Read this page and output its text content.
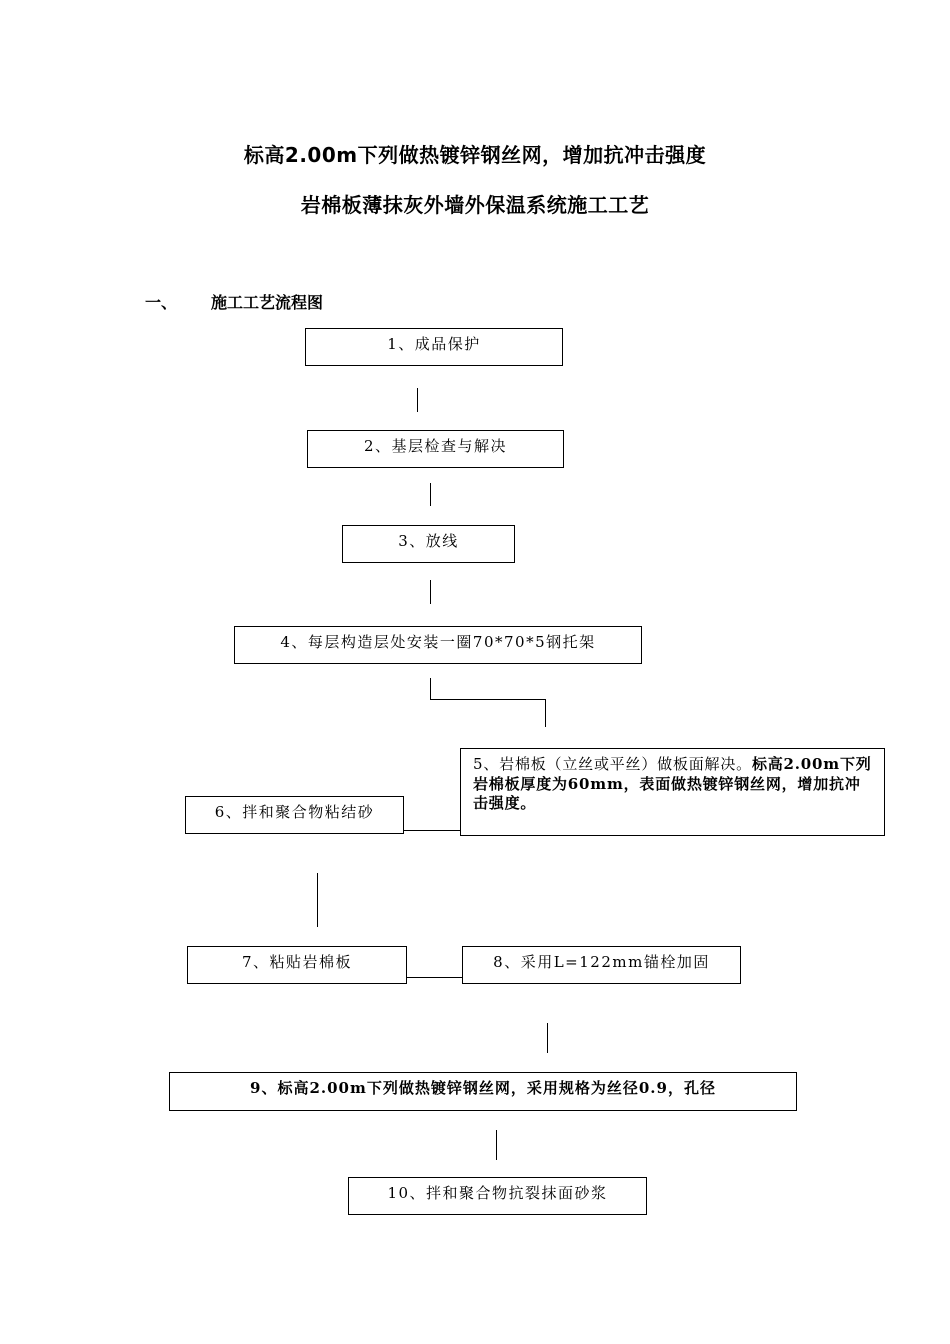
标高2.00m下列做热镀锌钢丝网，增加抗冲击强度
岩棉板薄抹灰外墙外保温系统施工工艺
一、 施工工艺流程图
1、成品保护
2、基层检查与解决
3、放线
4、每层构造层处安装一圈70*70*5钢托架
5、岩棉板（立丝或平丝）做板面解决。标高2.00m下列岩棉板厚度为60mm，表面做热镀锌钢丝网，增加抗冲击强度。
6、拌和聚合物粘结砂
7、粘贴岩棉板	8、采用L=122mm锚栓加固
9、标高2.00m下列做热镀锌钢丝网，采用规格为丝径0.9，孔径
10、拌和聚合物抗裂抹面砂浆
